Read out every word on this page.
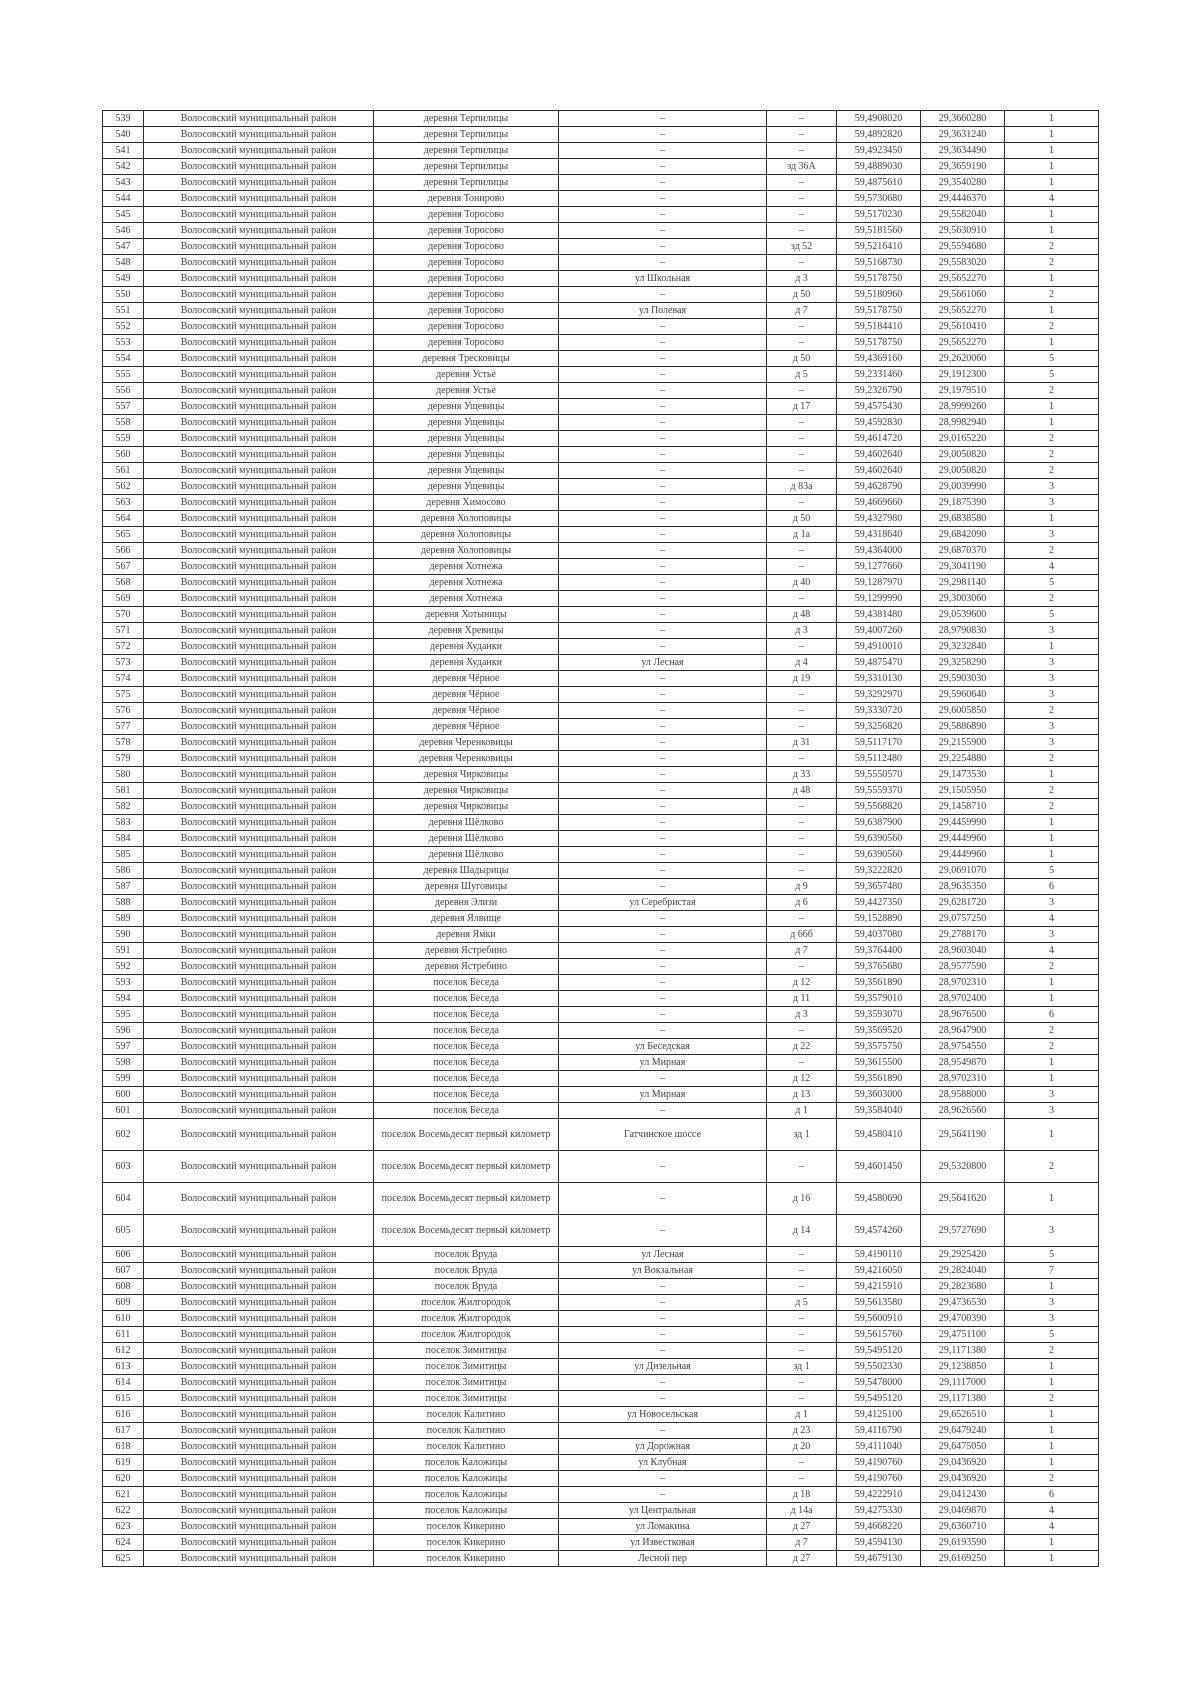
539	Волосовский муниципальный район	деревня Терпилицы	–	–	59,4908020	29,3660280	1
540	Волосовский муниципальный район	деревня Терпилицы	–	–	59,4892820	29,3631240	1
541	Волосовский муниципальный район	деревня Терпилицы	–	–	59,4923450	29,3634490	1
542	Волосовский муниципальный район	деревня Терпилицы	–	зд 36А	59,4889030	29,3659190	1
543	Волосовский муниципальный район	деревня Терпилицы	–	–	59,4875610	29,3540280	1
544	Волосовский муниципальный район	деревня Тонирово	–	–	59,5730680	29,4446370	4
545	Волосовский муниципальный район	деревня Торосово	–	–	59,5170230	29,5582040	1
546	Волосовский муниципальный район	деревня Торосово	–	–	59,5181560	29,5630910	1
547	Волосовский муниципальный район	деревня Торосово	–	зд 52	59,5216410	29,5594680	2
548	Волосовский муниципальный район	деревня Торосово	–	–	59,5168730	29,5583020	2
549	Волосовский муниципальный район	деревня Торосово	ул Школьная	д 3	59,5178750	29,5652270	1
550	Волосовский муниципальный район	деревня Торосово	–	д 50	59,5180960	29,5661060	2
551	Волосовский муниципальный район	деревня Торосово	ул Полевая	д 7	59,5178750	29,5652270	1
552	Волосовский муниципальный район	деревня Торосово	–	–	59,5184410	29,5610410	2
553	Волосовский муниципальный район	деревня Торосово	–	–	59,5178750	29,5652270	1
554	Волосовский муниципальный район	деревня Тресковицы	–	д 50	59,4369160	29,2620060	5
555	Волосовский муниципальный район	деревня Устье	–	д 5	59,2331460	29,1912300	5
556	Волосовский муниципальный район	деревня Устье	–	–	59,2326790	29,1979510	2
557	Волосовский муниципальный район	деревня Ущевицы	–	д 17	59,4575430	28,9999260	1
558	Волосовский муниципальный район	деревня Ущевицы	–	–	59,4592830	28,9982940	1
559	Волосовский муниципальный район	деревня Ущевицы	–	–	59,4614720	29,0165220	2
560	Волосовский муниципальный район	деревня Ущевицы	–	–	59,4602640	29,0050820	2
561	Волосовский муниципальный район	деревня Ущевицы	–	–	59,4602640	29,0050820	2
562	Волосовский муниципальный район	деревня Ущевицы	–	д 83а	59,4628790	29,0039990	3
563	Волосовский муниципальный район	деревня Химосово	–	–	59,4669660	29,1875390	3
564	Волосовский муниципальный район	деревня Холоповицы	–	д 50	59,4327980	29,6838580	1
565	Волосовский муниципальный район	деревня Холоповицы	–	д 1а	59,4318640	29,6842090	3
566	Волосовский муниципальный район	деревня Холоповицы	–	–	59,4364000	29,6870370	2
567	Волосовский муниципальный район	деревня Хотнежа	–	–	59,1277660	29,3041190	4
568	Волосовский муниципальный район	деревня Хотнежа	–	д 40	59,1287970	29,2981140	5
569	Волосовский муниципальный район	деревня Хотнежа	–	–	59,1299990	29,3003060	2
570	Волосовский муниципальный район	деревня Хотыницы	–	д 48	59,4381480	29,0539600	5
571	Волосовский муниципальный район	деревня Хревицы	–	д 3	59,4007260	28,9790830	3
572	Волосовский муниципальный район	деревня Худанки	–	–	59,4910010	29,3232840	1
573	Волосовский муниципальный район	деревня Худанки	ул Лесная	д 4	59,4875470	29,3258290	3
574	Волосовский муниципальный район	деревня Чёрное	–	д 19	59,3310130	29,5903030	3
575	Волосовский муниципальный район	деревня Чёрное	–	–	59,3292970	29,5960640	3
576	Волосовский муниципальный район	деревня Чёрное	–	–	59,3330720	29,6005850	2
577	Волосовский муниципальный район	деревня Чёрное	–	–	59,3256820	29,5886890	3
578	Волосовский муниципальный район	деревня Черенковицы	–	д 31	59,5117170	29,2155900	3
579	Волосовский муниципальный район	деревня Черенковицы	–	–	59,5112480	29,2254880	2
580	Волосовский муниципальный район	деревня Чирковицы	–	д 33	59,5550570	29,1473530	1
581	Волосовский муниципальный район	деревня Чирковицы	–	д 48	59,5559370	29,1505950	2
582	Волосовский муниципальный район	деревня Чирковицы	–	–	59,5568820	29,1458710	2
583	Волосовский муниципальный район	деревня Шёлково	–	–	59,6387900	29,4459990	1
584	Волосовский муниципальный район	деревня Шёлково	–	–	59,6390560	29,4449960	1
585	Волосовский муниципальный район	деревня Шёлково	–	–	59,6390560	29,4449960	1
586	Волосовский муниципальный район	деревня Шадырицы	–	–	59,3222820	29,0691070	5
587	Волосовский муниципальный район	деревня Шуговицы	–	д 9	59,3657480	28,9635350	6
588	Волосовский муниципальный район	деревня Элизи	ул Серебристая	д 6	59,4427350	29,6281720	3
589	Волосовский муниципальный район	деревня Ялвище	–	–	59,1528890	29,0757250	4
590	Волосовский муниципальный район	деревня Ямки	–	д 66б	59,4037080	29,2788170	3
591	Волосовский муниципальный район	деревня Ястребино	–	д 7	59,3764400	28,9603040	4
592	Волосовский муниципальный район	деревня Ястребино	–	–	59,3765680	28,9577590	2
593	Волосовский муниципальный район	поселок Беседа	–	д 12	59,3561890	28,9702310	1
594	Волосовский муниципальный район	поселок Беседа	–	д 11	59,3579010	28,9702400	1
595	Волосовский муниципальный район	поселок Беседа	–	д 3	59,3593070	28,9676500	6
596	Волосовский муниципальный район	поселок Беседа	–	–	59,3569520	28,9647900	2
597	Волосовский муниципальный район	поселок Беседа	ул Беседская	д 22	59,3575750	28,9754550	2
598	Волосовский муниципальный район	поселок Беседа	ул Мирная	–	59,3615500	28,9549870	1
599	Волосовский муниципальный район	поселок Беседа	–	д 12	59,3561890	28,9702310	1
600	Волосовский муниципальный район	поселок Беседа	ул Мирная	д 13	59,3603000	28,9588000	3
601	Волосовский муниципальный район	поселок Беседа	–	д 1	59,3584040	28,9626560	3
602	Волосовский муниципальный район	поселок Восемьдесят первый километр	Гатчинское шоссе	зд 1	59,4580410	29,5641190	1
603	Волосовский муниципальный район	поселок Восемьдесят первый километр	–	–	59,4601450	29,5320800	2
604	Волосовский муниципальный район	поселок Восемьдесят первый километр	–	д 16	59,4580690	29,5641620	1
605	Волосовский муниципальный район	поселок Восемьдесят первый километр	–	д 14	59,4574260	29,5727690	3
606	Волосовский муниципальный район	поселок Вруда	ул Лесная	–	59,4190110	29,2925420	5
607	Волосовский муниципальный район	поселок Вруда	ул Вокзальная	–	59,4216050	29,2824040	7
608	Волосовский муниципальный район	поселок Вруда	–	–	59,4215910	29,2823680	1
609	Волосовский муниципальный район	поселок Жилгородок	–	д 5	59,5613580	29,4736530	3
610	Волосовский муниципальный район	поселок Жилгородок	–	–	59,5600910	29,4700390	3
611	Волосовский муниципальный район	поселок Жилгородок	–	–	59,5615760	29,4751100	5
612	Волосовский муниципальный район	поселок Зимитицы	–	–	59,5495120	29,1171380	2
613	Волосовский муниципальный район	поселок Зимитицы	ул Дизельная	зд 1	59,5502330	29,1238850	1
614	Волосовский муниципальный район	поселок Зимитицы	–	–	59,5478000	29,1117000	1
615	Волосовский муниципальный район	поселок Зимитицы	–	–	59,5495120	29,1171380	2
616	Волосовский муниципальный район	поселок Калитино	ул Новосельская	д 1	59,4125100	29,6526510	1
617	Волосовский муниципальный район	поселок Калитино	–	д 23	59,4116790	29,6479240	1
618	Волосовский муниципальный район	поселок Калитино	ул Дорожная	д 20	59,4111040	29,6475050	1
619	Волосовский муниципальный район	поселок Каложицы	ул Клубная	–	59,4190760	29,0436920	1
620	Волосовский муниципальный район	поселок Каложицы	–	–	59,4190760	29,0436920	2
621	Волосовский муниципальный район	поселок Каложицы	–	д 18	59,4222910	29,0412430	6
622	Волосовский муниципальный район	поселок Каложицы	ул Центральная	д 14а	59,4275330	29,0469870	4
623	Волосовский муниципальный район	поселок Кикерино	ул Ломакина	д 27	59,4668220	29,6360710	4
624	Волосовский муниципальный район	поселок Кикерино	ул Известковая	д 7	59,4594130	29,6193590	1
625	Волосовский муниципальный район	поселок Кикерино	Лесной пер	д 27	59,4679130	29,6169250	1
